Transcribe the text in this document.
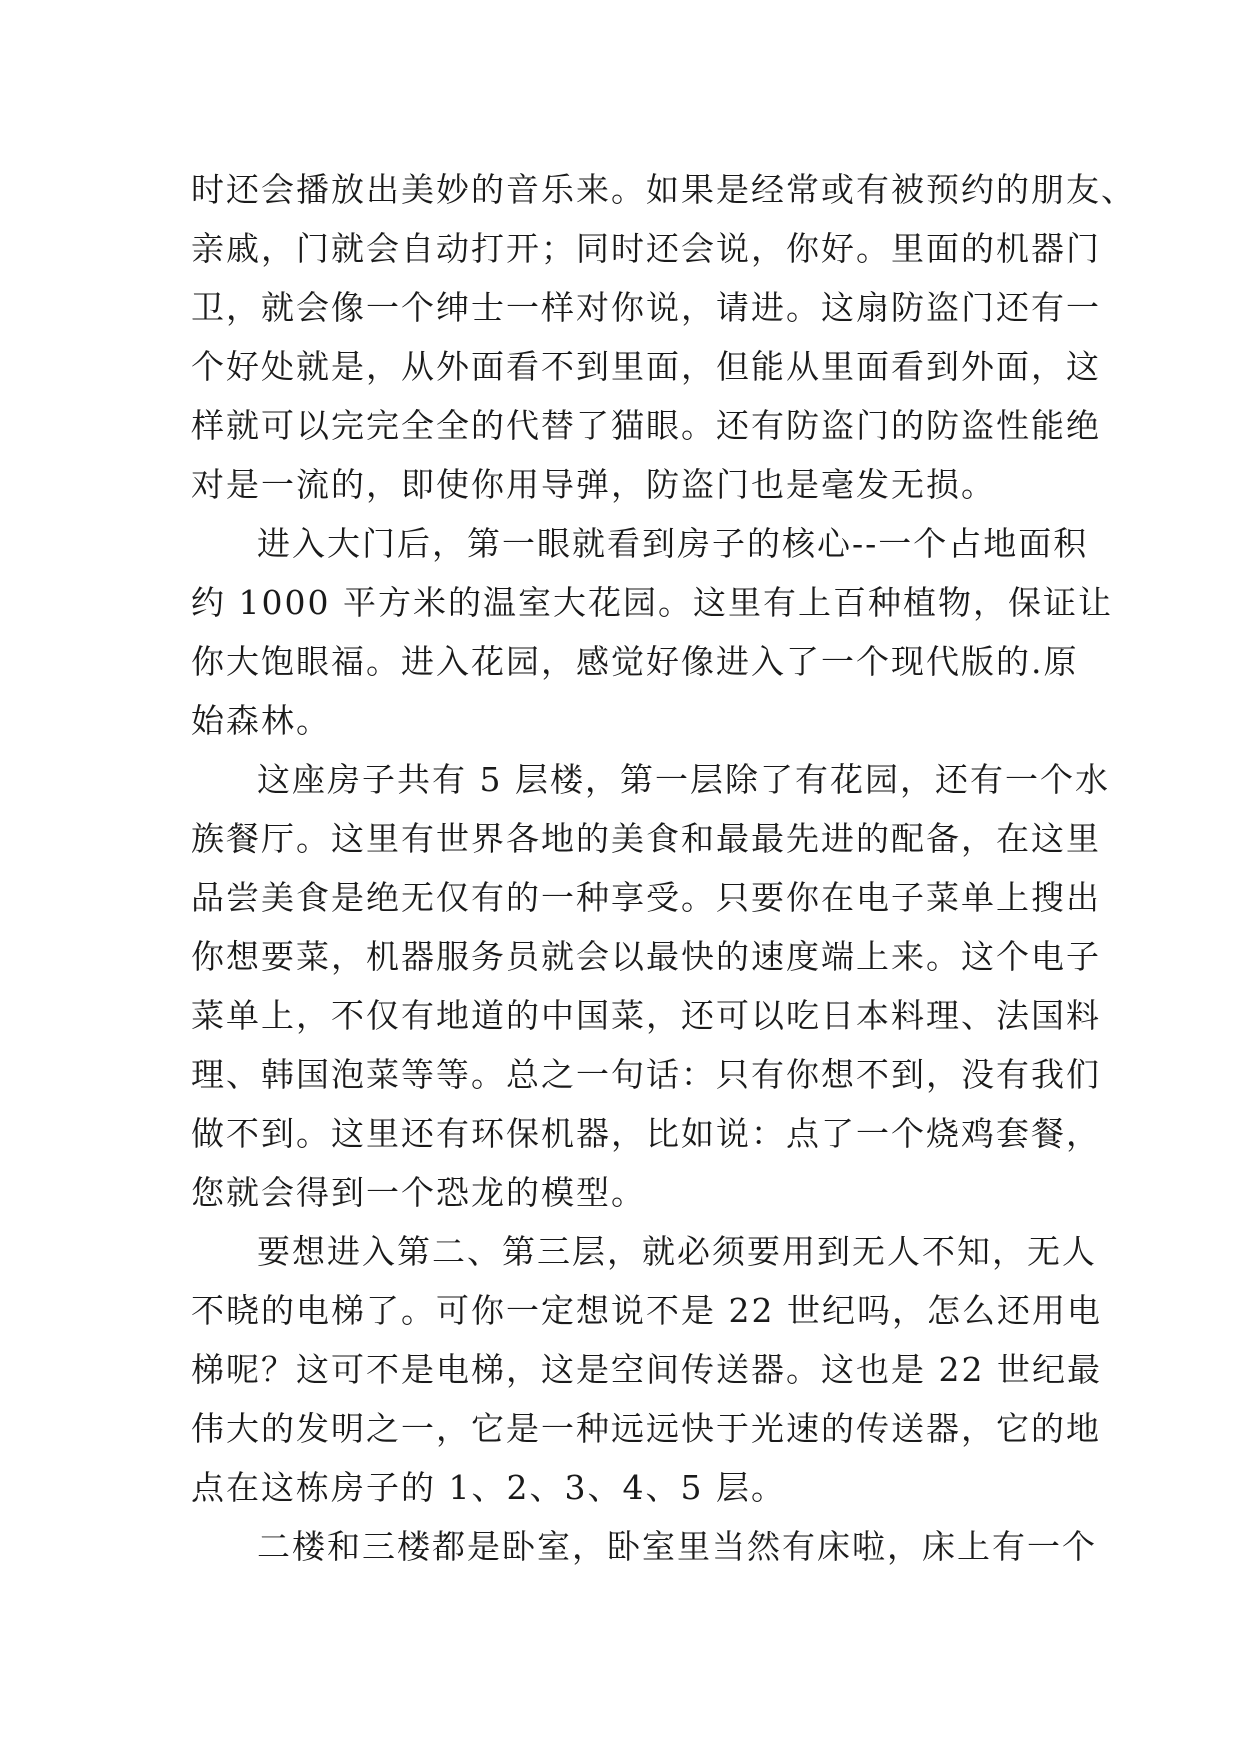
时还会播放出美妙的音乐来。如果是经常或有被预约的朋友、
亲戚，门就会自动打开；同时还会说，你好。里面的机器门
卫，就会像一个绅士一样对你说，请进。这扇防盗门还有一
个好处就是，从外面看不到里面，但能从里面看到外面，这
样就可以完完全全的代替了猫眼。还有防盗门的防盗性能绝
对是一流的，即使你用导弹，防盗门也是毫发无损。
进入大门后，第一眼就看到房子的核心--一个占地面积
约 1000 平方米的温室大花园。这里有上百种植物，保证让
你大饱眼福。进入花园，感觉好像进入了一个现代版的.原
始森林。
这座房子共有 5 层楼，第一层除了有花园，还有一个水
族餐厅。这里有世界各地的美食和最最先进的配备，在这里
品尝美食是绝无仅有的一种享受。只要你在电子菜单上搜出
你想要菜，机器服务员就会以最快的速度端上来。这个电子
菜单上，不仅有地道的中国菜，还可以吃日本料理、法国料
理、韩国泡菜等等。总之一句话：只有你想不到，没有我们
做不到。这里还有环保机器，比如说：点了一个烧鸡套餐，
您就会得到一个恐龙的模型。
要想进入第二、第三层，就必须要用到无人不知，无人
不晓的电梯了。可你一定想说不是 22 世纪吗，怎么还用电
梯呢？这可不是电梯，这是空间传送器。这也是 22 世纪最
伟大的发明之一，它是一种远远快于光速的传送器，它的地
点在这栋房子的 1、2、3、4、5 层。
二楼和三楼都是卧室，卧室里当然有床啦，床上有一个
